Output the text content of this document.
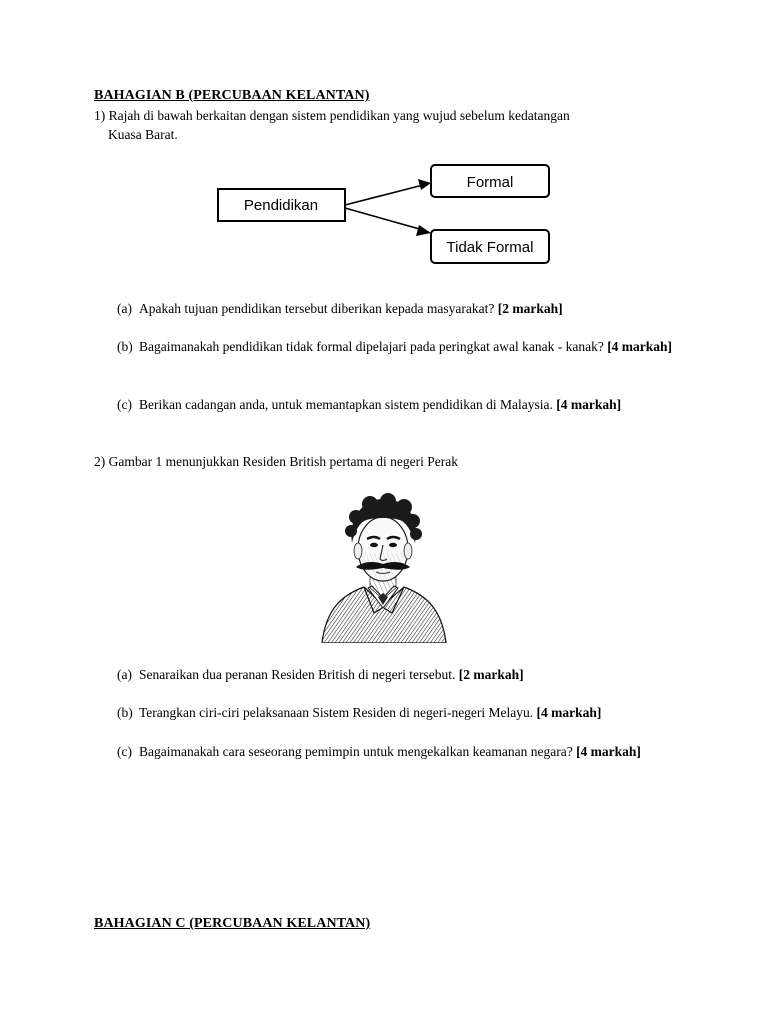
BAHAGIAN B (PERCUBAAN KELANTAN)
1) Rajah di bawah berkaitan dengan sistem pendidikan yang wujud sebelum kedatangan
Kuasa Barat.
Pendidikan
Formal
Tidak Formal
(a) Apakah tujuan pendidikan tersebut diberikan kepada masyarakat? [2 markah]
(b) Bagaimanakah pendidikan tidak formal dipelajari pada peringkat awal kanak - kanak? [4 markah]
(c) Berikan cadangan anda, untuk memantapkan sistem pendidikan di Malaysia. [4 markah]
2) Gambar 1 menunjukkan Residen British pertama di negeri Perak
(a) Senaraikan dua peranan Residen British di negeri tersebut. [2 markah]
(b) Terangkan ciri-ciri pelaksanaan Sistem Residen di negeri-negeri Melayu. [4 markah]
(c) Bagaimanakah cara seseorang pemimpin untuk mengekalkan keamanan negara? [4 markah]
BAHAGIAN C (PERCUBAAN KELANTAN)
